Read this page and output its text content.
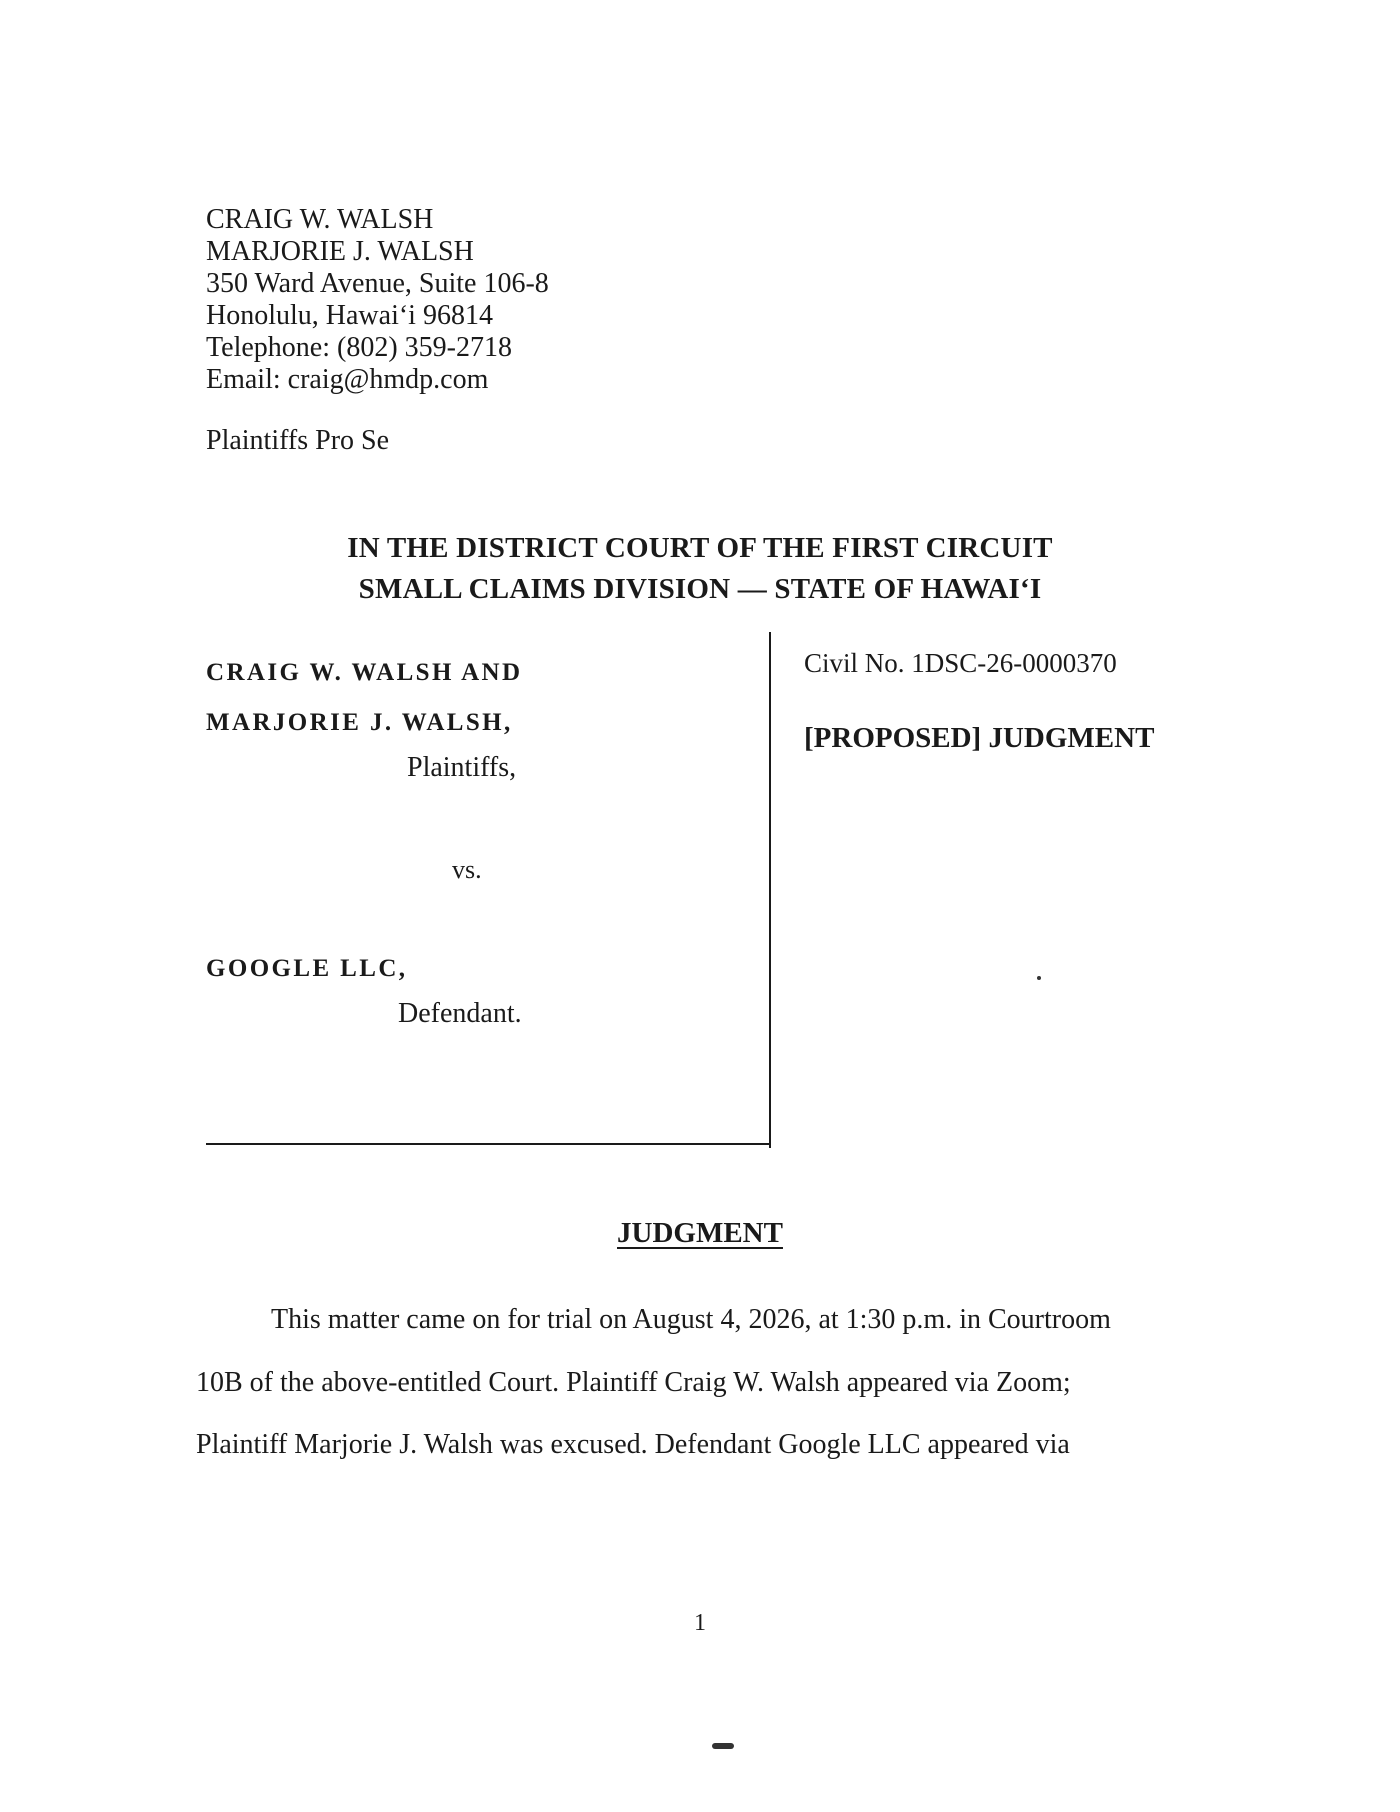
CRAIG W. WALSH
MARJORIE J. WALSH
350 Ward Avenue, Suite 106-8
Honolulu, Hawai‘i 96814
Telephone: (802) 359-2718
Email: craig@hmdp.com
Plaintiffs Pro Se
IN THE DISTRICT COURT OF THE FIRST CIRCUIT
SMALL CLAIMS DIVISION — STATE OF HAWAI‘I
CRAIG W. WALSH AND
MARJORIE J. WALSH,
Plaintiffs,
vs.
GOOGLE LLC,
Defendant.
Civil No. 1DSC-26-0000370
[PROPOSED] JUDGMENT
JUDGMENT
This matter came on for trial on August 4, 2026, at 1:30 p.m. in Courtroom
10B of the above-entitled Court. Plaintiff Craig W. Walsh appeared via Zoom;
Plaintiff Marjorie J. Walsh was excused. Defendant Google LLC appeared via
1
